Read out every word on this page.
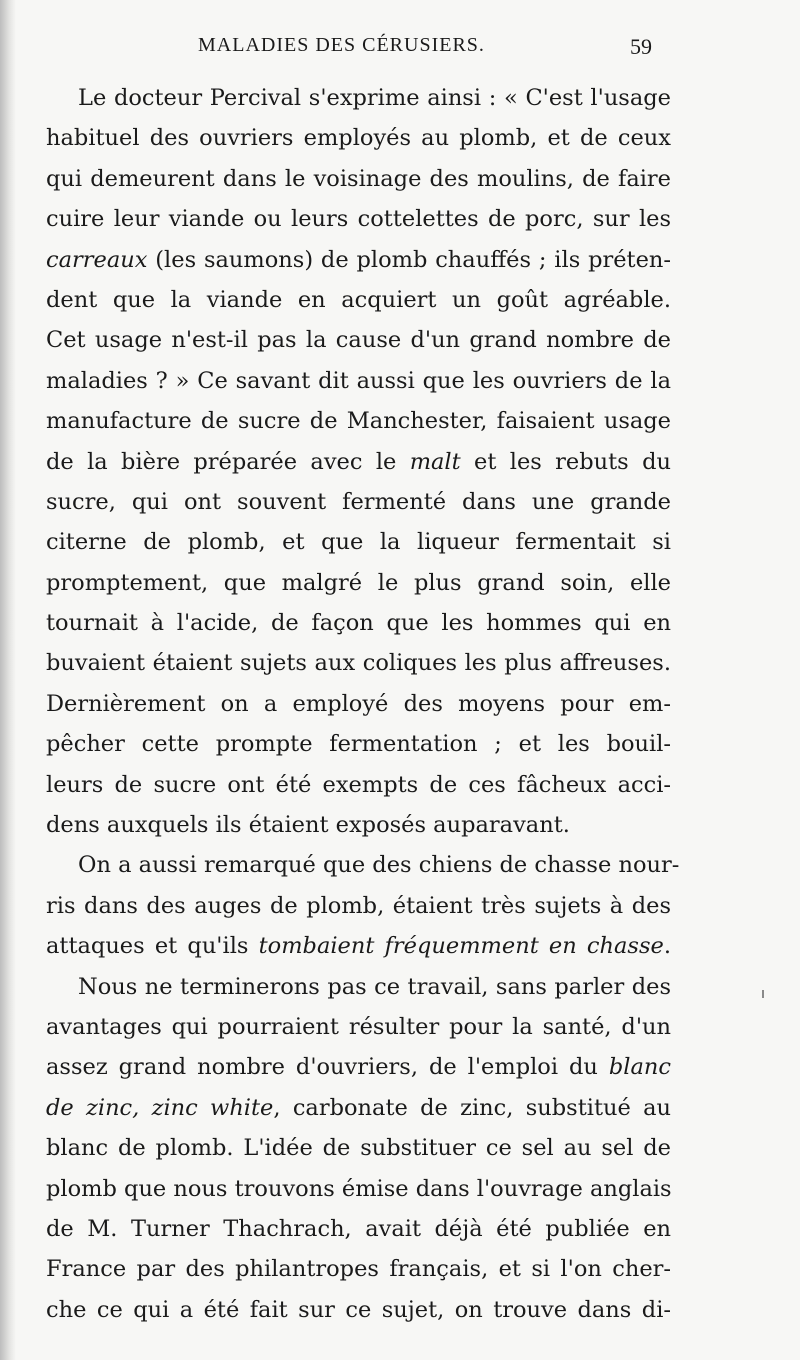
MALADIES DES CÉRUSIERS.	59
Le docteur Percival s'exprime ainsi : « C'est l'usage
habituel des ouvriers employés au plomb, et de ceux
qui demeurent dans le voisinage des moulins, de faire
cuire leur viande ou leurs cottelettes de porc, sur les
carreaux (les saumons) de plomb chauffés ; ils préten-
dent que la viande en acquiert un goût agréable.
Cet usage n'est-il pas la cause d'un grand nombre de
maladies ? » Ce savant dit aussi que les ouvriers de la
manufacture de sucre de Manchester, faisaient usage
de la bière préparée avec le malt et les rebuts du
sucre, qui ont souvent fermenté dans une grande
citerne de plomb, et que la liqueur fermentait si
promptement, que malgré le plus grand soin, elle
tournait à l'acide, de façon que les hommes qui en
buvaient étaient sujets aux coliques les plus affreuses.
Dernièrement on a employé des moyens pour em-
pêcher cette prompte fermentation ; et les bouil-
leurs de sucre ont été exempts de ces fâcheux acci-
dens auxquels ils étaient exposés auparavant.
On a aussi remarqué que des chiens de chasse nour-
ris dans des auges de plomb, étaient très sujets à des
attaques et qu'ils tombaient fréquemment en chasse.
Nous ne terminerons pas ce travail, sans parler des
avantages qui pourraient résulter pour la santé, d'un
assez grand nombre d'ouvriers, de l'emploi du blanc
de zinc, zinc white, carbonate de zinc, substitué au
blanc de plomb. L'idée de substituer ce sel au sel de
plomb que nous trouvons émise dans l'ouvrage anglais
de M. Turner Thachrach, avait déjà été publiée en
France par des philantropes français, et si l'on cher-
che ce qui a été fait sur ce sujet, on trouve dans di-
